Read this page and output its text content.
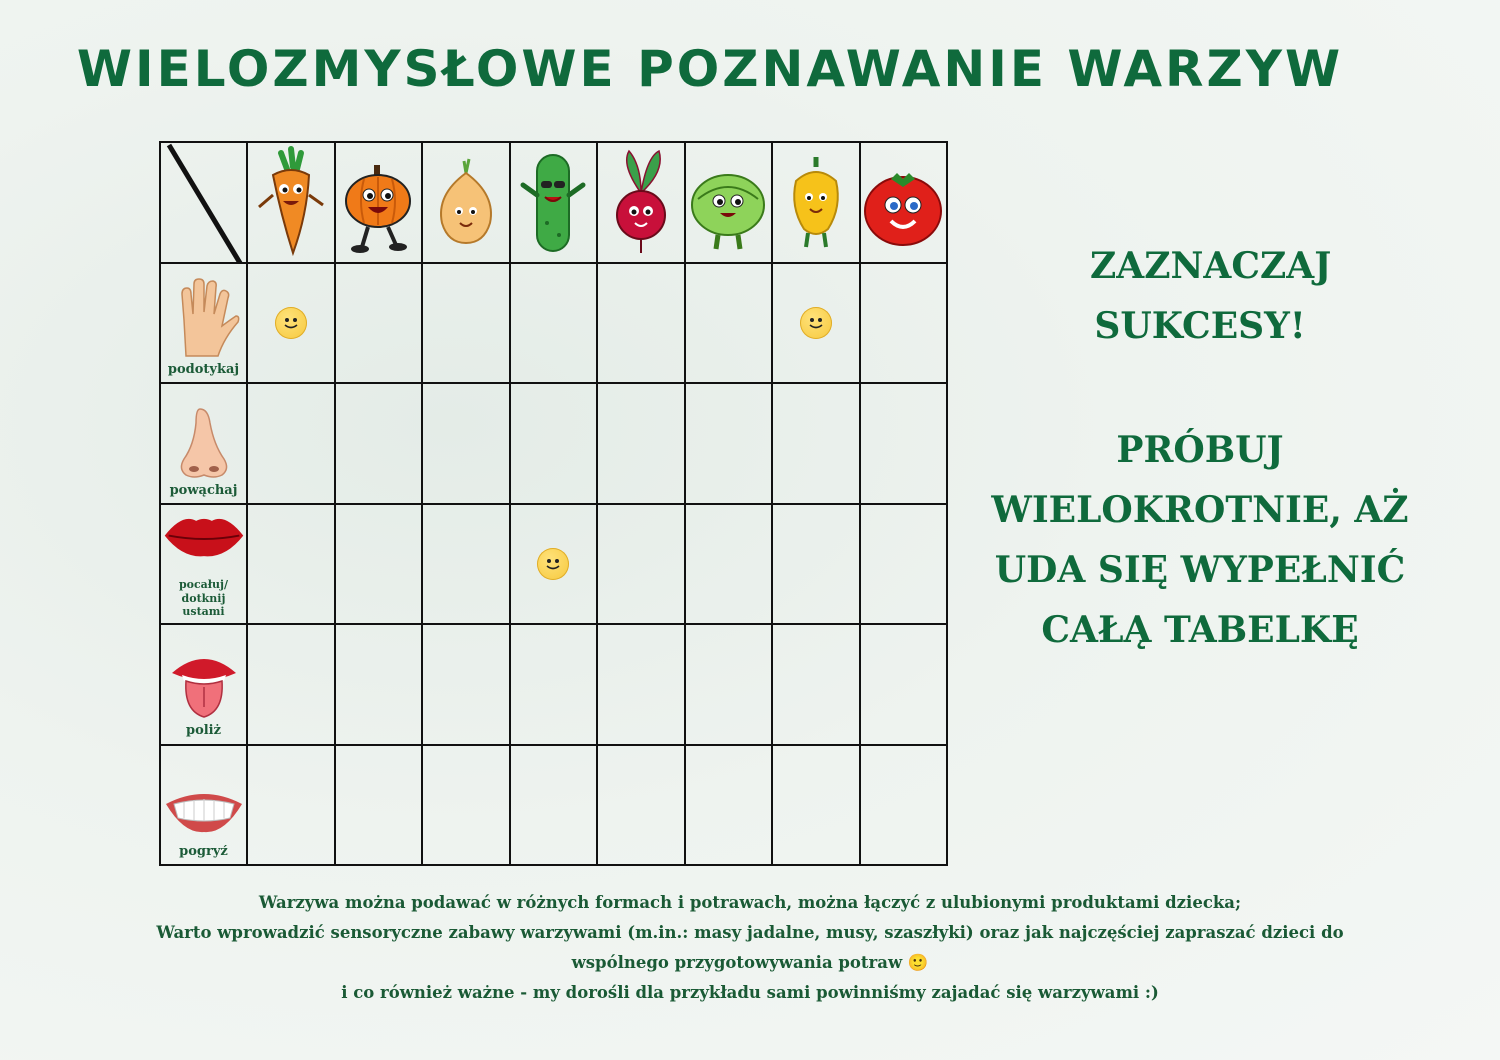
WIELOZMYSŁOWE POZNAWANIE WARZYW
podotykaj
powąchaj
pocałuj/ dotknij ustami
poliż
pogryź

ZAZNACZAJ SUKCESY!

PRÓBUJ WIELOKROTNIE, AŻ UDA SIĘ WYPEŁNIĆ CAŁĄ TABELKĘ

Warzywa można podawać w różnych formach i potrawach, można łączyć z ulubionymi produktami dziecka;

Warto wprowadzić sensoryczne zabawy warzywami (m.in.: masy jadalne, musy, szaszłyki) oraz jak najczęściej zapraszać dzieci do

wspólnego przygotowywania potraw 🙂

i co również ważne - my dorośli dla przykładu sami powinniśmy zajadać się warzywami :)
